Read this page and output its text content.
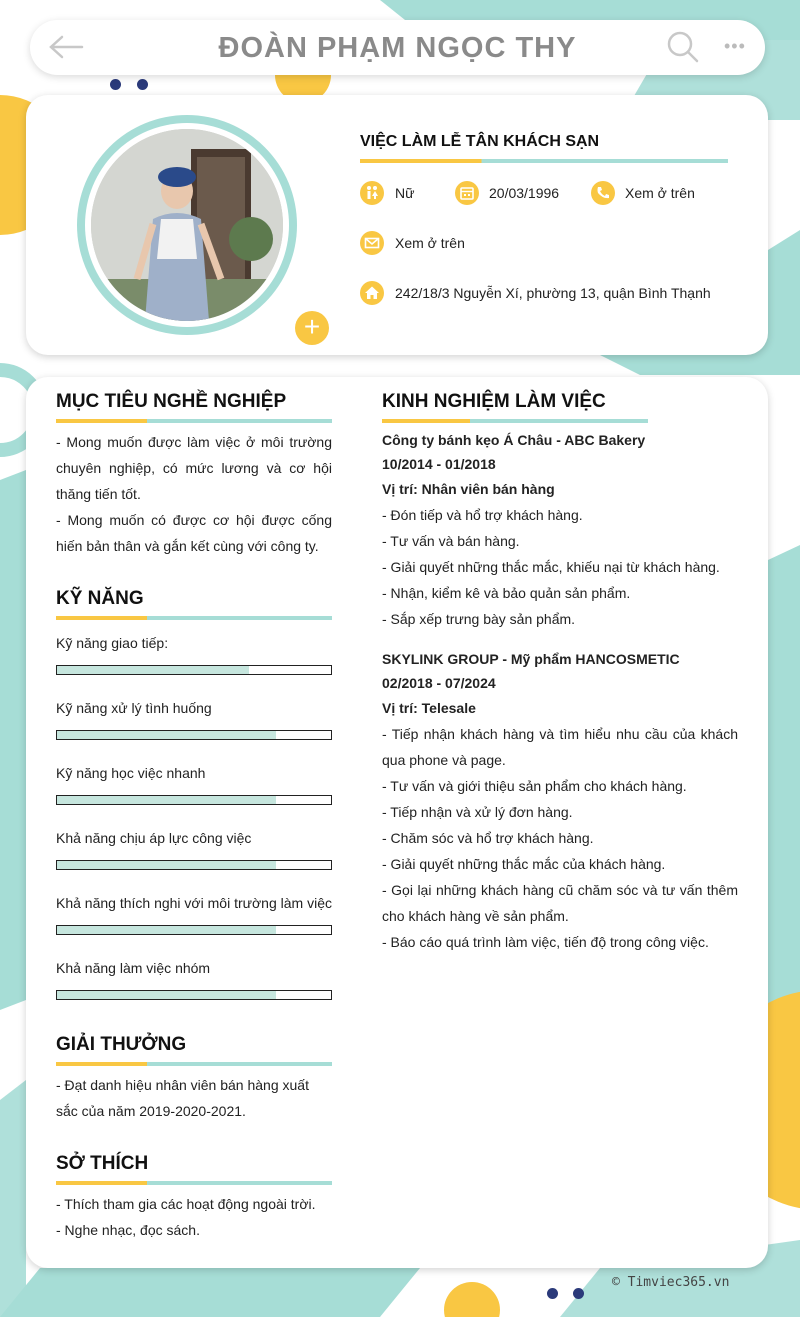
ĐOÀN PHẠM NGỌC THY	•••
+
VIỆC LÀM LỄ TÂN KHÁCH SẠN
Nữ	20/03/1996	Xem ở trên
Xem ở trên
242/18/3 Nguyễn Xí, phường 13, quận Bình Thạnh
MỤC TIÊU NGHỀ NGHIỆP

- Mong muốn được làm việc ở môi trường chuyên nghiệp, có mức lương và cơ hội thăng tiến tốt.

- Mong muốn có được cơ hội được cống hiến bản thân và gắn kết cùng với công ty.

KỸ NĂNG
Kỹ năng giao tiếp:
Kỹ năng xử lý tình huống
Kỹ năng học việc nhanh
Khả năng chịu áp lực công việc
Khả năng thích nghi với môi trường làm việc
Khả năng làm việc nhóm
GIẢI THƯỞNG
- Đạt danh hiệu nhân viên bán hàng xuất sắc của năm 2019-2020-2021.
SỞ THÍCH

- Thích tham gia các hoạt động ngoài trời.

- Nghe nhạc, đọc sách.

KINH NGHIỆM LÀM VIỆC

Công ty bánh kẹo Á Châu - ABC Bakery

10/2014 - 01/2018

Vị trí: Nhân viên bán hàng

- Đón tiếp và hổ trợ khách hàng.

- Tư vấn và bán hàng.

- Giải quyết những thắc mắc, khiếu nại từ khách hàng.

- Nhận, kiểm kê và bảo quản sản phẩm.

- Sắp xếp trưng bày sản phẩm.

SKYLINK GROUP - Mỹ phẩm HANCOSMETIC

02/2018 - 07/2024

Vị trí: Telesale

- Tiếp nhận khách hàng và tìm hiểu nhu cầu của khách qua phone và page.

- Tư vấn và giới thiệu sản phẩm cho khách hàng.

- Tiếp nhận và xử lý đơn hàng.

- Chăm sóc và hổ trợ khách hàng.

- Giải quyết những thắc mắc của khách hàng.

- Gọi lại những khách hàng cũ chăm sóc và tư vấn thêm cho khách hàng về sản phẩm.

- Báo cáo quá trình làm việc, tiến độ trong công việc.

© Timviec365.vn
